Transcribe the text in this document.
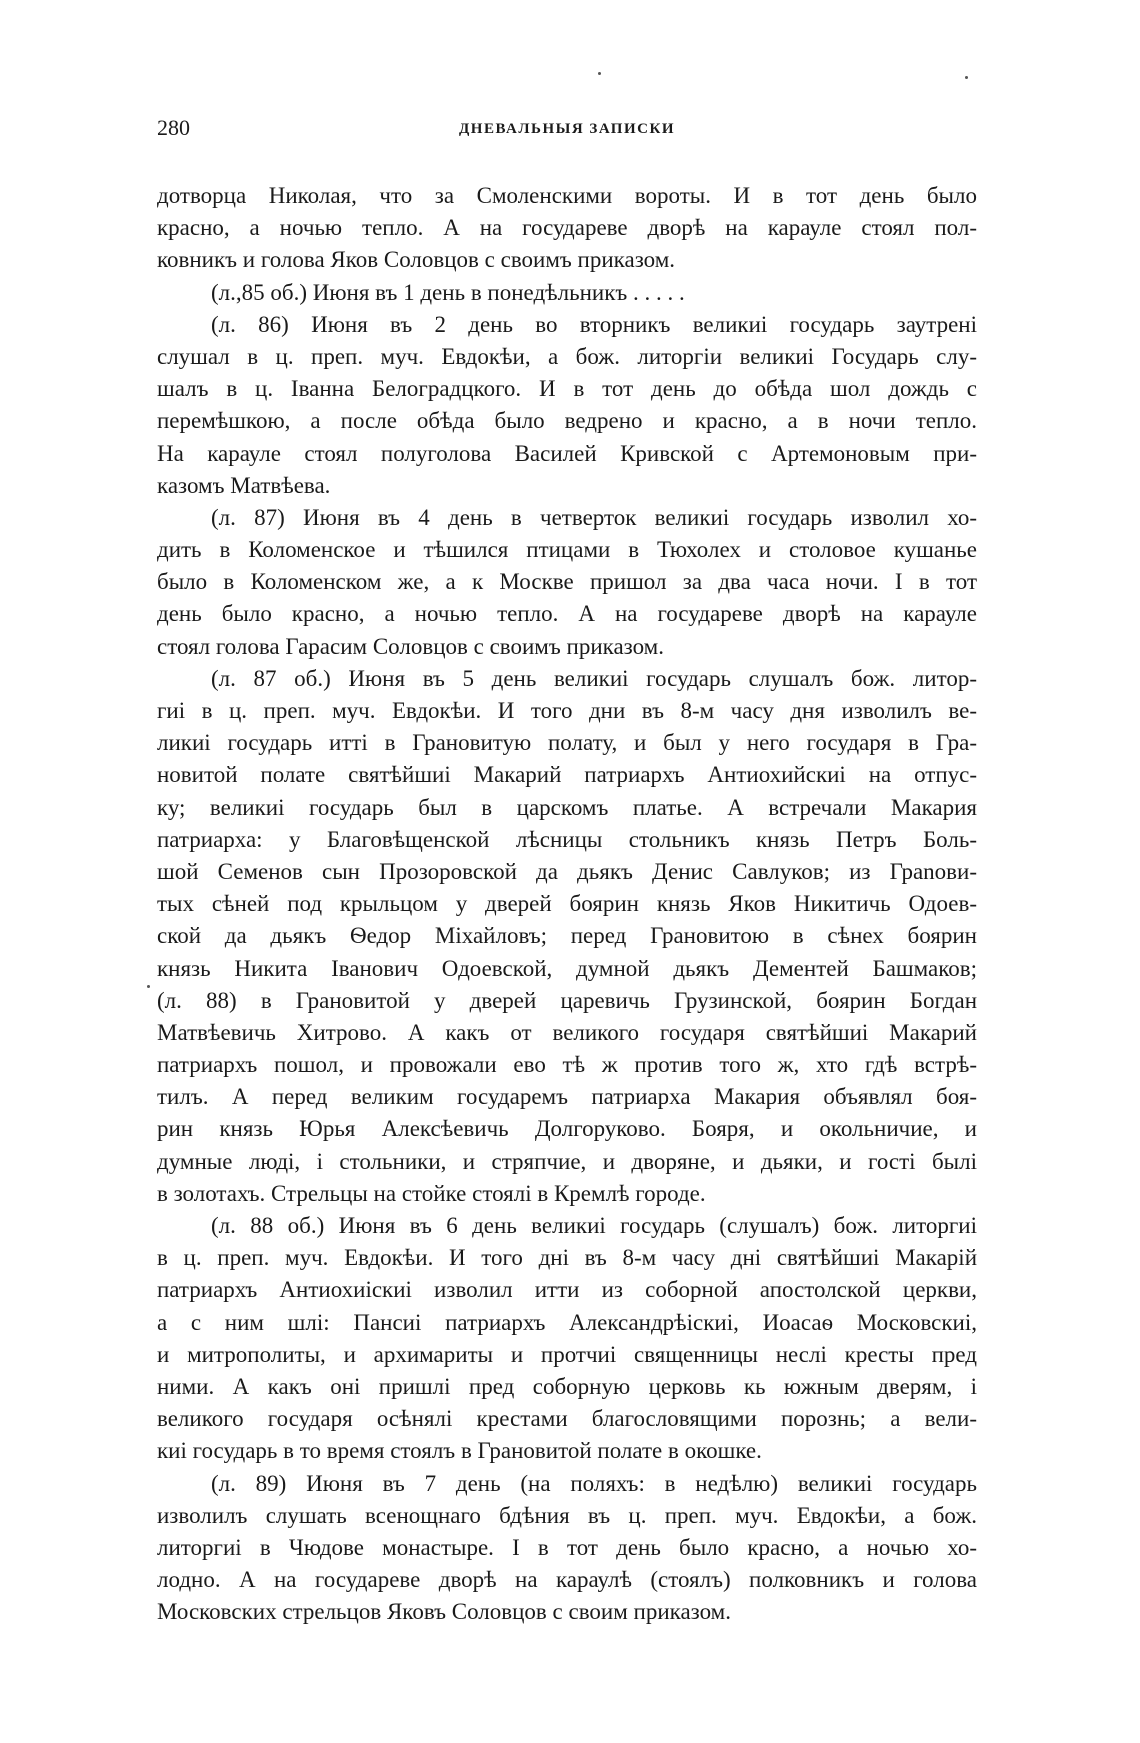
280	ДНЕВАЛЬНЫЯ ЗАПИСКИ
дотворца Николая, что за Смоленскими вороты. И в тот день было
красно, а ночью тепло. А на государеве дворѣ на карауле стоял пол-
ковникъ и голова Яков Соловцов с своимъ приказом.
(л.,85 об.) Июня въ 1 день в понедѣльникъ . . . . .
(л. 86) Июня въ 2 день во вторникъ великиі государь заутрені
слушал в ц. преп. муч. Евдокѣи, а бож. литоргіи великиі Госудaрь слу-
шалъ в ц. Іванна Белоградцкого. И в тот день до обѣда шол дождь с
перемѣшкою, а после обѣда было ведрено и красно, а в ночи тепло.
На карауле стоял полуголова Василей Кривской с Артемоновым при-
казомъ Матвѣева.
(л. 87) Июня въ 4 день в четверток великиі государь изволил хо-
дить в Коломенское и тѣшился птицами в Тюхолех и столовое кушанье
было в Коломенском же, а к Москве пришол за два часа ночи. І в тот
день было красно, а ночью тепло. А на государеве дворѣ на карауле
стоял голова Гарасим Соловцов с своимъ приказом.
(л. 87 об.) Июня въ 5 день великиі государь слушалъ бож. литор-
гиі в ц. преп. муч. Евдокѣи. И того дни въ 8-м часу дня изволилъ ве-
ликиі государь итті в Грановитую полату, и был у него государя в Гра-
новитой полате святѣйшиі Макарий патриархъ Антиохийскиі на отпус-
ку; великиі государь был в царскомъ платье. А встречали Макария
патриарха: у Благовѣщенской лѣсницы стольникъ князь Петръ Боль-
шой Семенов сын Прозоровской да дьякъ Денис Савлуков; из Грanови-
тых сѣней под крыльцом у дверей боярин князь Яков Никитичь Одоев-
ской да дьякъ Ѳедор Міхайловъ; перед Грановитою в сѣнех боярин
князь Никита Іванович Одоевской, думной дьякъ Дементей Башмаков;
(л. 88) в Грановитой у дверей царевичь Грузинской, боярин Богдан
Матвѣевичь Хитрово. А какъ от великого государя святѣйшиі Макарий
патриархъ пошол, и провожали ево тѣ ж против того ж, хто гдѣ встрѣ-
тилъ. А перед великим государемъ патриарха Макария объявлял боя-
рин князь Юрья Алексѣевичь Долгоруково. Бояря, и окольничие, и
думные люді, і стольники, и стряпчие, и дворяне, и дьяки, и гості былі
в золотахъ. Стрельцы на стойке стоялі в Кремлѣ городе.
(л. 88 об.) Июня въ 6 день великиі государь (слушалъ) бож. литоргиі
в ц. преп. муч. Евдокѣи. И того дні въ 8-м часу дні святѣйшиі Макарій
патриархъ Антиохиіскиі изволил итти из соборной апостолской церкви,
а с ним шлі: Пансиі патриархъ Александрѣіскиі, Иоасаѳ Московскиі,
и митрополиты, и архимариты и протчиі священницы неслі кресты пред
ними. А какъ оні пришлі пред соборную церковь кь южным дверям, і
великого государя осѣнялі крестами благословящими порознь; а вели-
киі государь в то время стоялъ в Грановитой полате в окошке.
(л. 89) Июня въ 7 день (на поляхъ: в недѣлю) великиі государь
изволилъ слушать всенощнаго бдѣния въ ц. преп. муч. Евдокѣи, а бож.
литоргиі в Чюдове монастыре. І в тот день было красно, а ночью хо-
лодно. А на государеве дворѣ на караулѣ (стоялъ) полковникъ и голова
Московских стрельцов Яковъ Соловцов с своим приказом.
